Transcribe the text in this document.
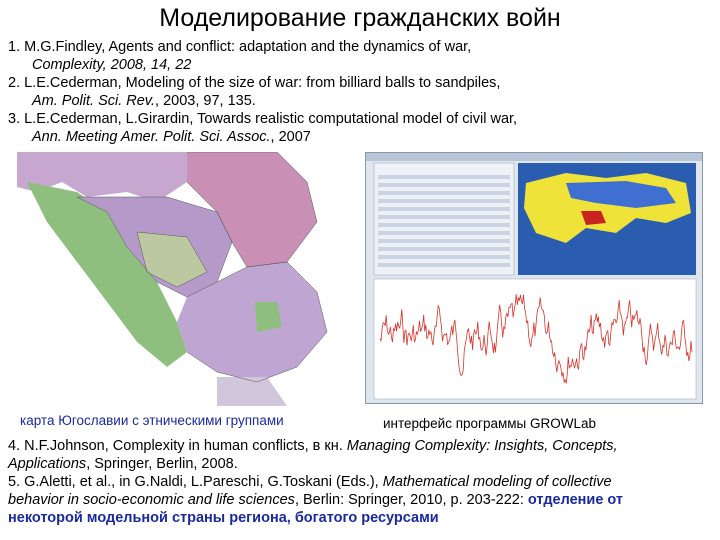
Моделирование гражданских войн

1. M.G.Findley, Agents and conflict: adaptation and the dynamics of war,

Complexity, 2008, 14, 22

2. L.E.Cederman, Modeling of the size of war: from billiard balls to sandpiles,

Am. Polit. Sci. Rev., 2003, 97, 135.

3. L.E.Cederman, L.Girardin, Towards realistic computational model of civil war,

Ann. Meeting Amer. Polit. Sci. Assoc., 2007

карта Югославии с этническими группами	интерфейс программы GROWLab

4. N.F.Johnson, Complexity in human conflicts, в кн. Managing Complexity: Insights, Concepts,

Applications, Springer, Berlin, 2008.

5. G.Aletti, et al., in G.Naldi, L.Pareschi, G.Toskani (Eds.), Mathematical modeling of collective

behavior in socio-economic and life sciences, Berlin: Springer, 2010, p. 203-222: отделение от

некоторой модельной страны региона, богатого ресурсами
